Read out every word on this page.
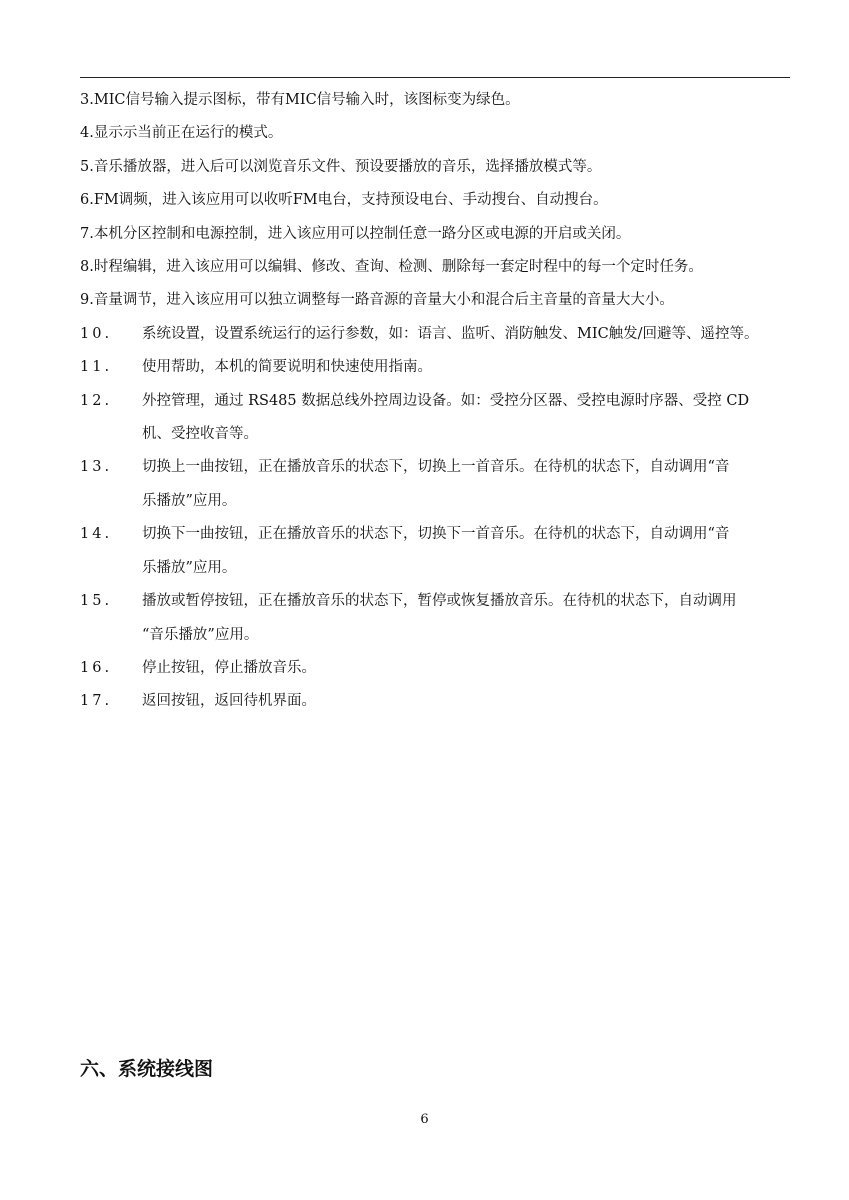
3.MIC信号输入提示图标，带有MIC信号输入时，该图标变为绿色。
4.显示示当前正在运行的模式。
5.音乐播放器，进入后可以浏览音乐文件、预设要播放的音乐，选择播放模式等。
6.FM调频，进入该应用可以收听FM电台，支持预设电台、手动搜台、自动搜台。
7.本机分区控制和电源控制，进入该应用可以控制任意一路分区或电源的开启或关闭。
8.时程编辑，进入该应用可以编辑、修改、查询、检测、删除每一套定时程中的每一个定时任务。
9.音量调节，进入该应用可以独立调整每一路音源的音量大小和混合后主音量的音量大大小。
10.	系统设置，设置系统运行的运行参数，如：语言、监听、消防触发、MIC触发/回避等、遥控等。
11.	使用帮助，本机的简要说明和快速使用指南。
12.	外控管理，通过 RS485 数据总线外控周边设备。如：受控分区器、受控电源时序器、受控 CD
机、受控收音等。
13.	切换上一曲按钮，正在播放音乐的状态下，切换上一首音乐。在待机的状态下，自动调用“音
乐播放”应用。
14.	切换下一曲按钮，正在播放音乐的状态下，切换下一首音乐。在待机的状态下，自动调用“音
乐播放”应用。
15.	播放或暂停按钮，正在播放音乐的状态下，暂停或恢复播放音乐。在待机的状态下，自动调用
“音乐播放”应用。
16.	停止按钮，停止播放音乐。
17.	返回按钮，返回待机界面。
六、系统接线图
6
